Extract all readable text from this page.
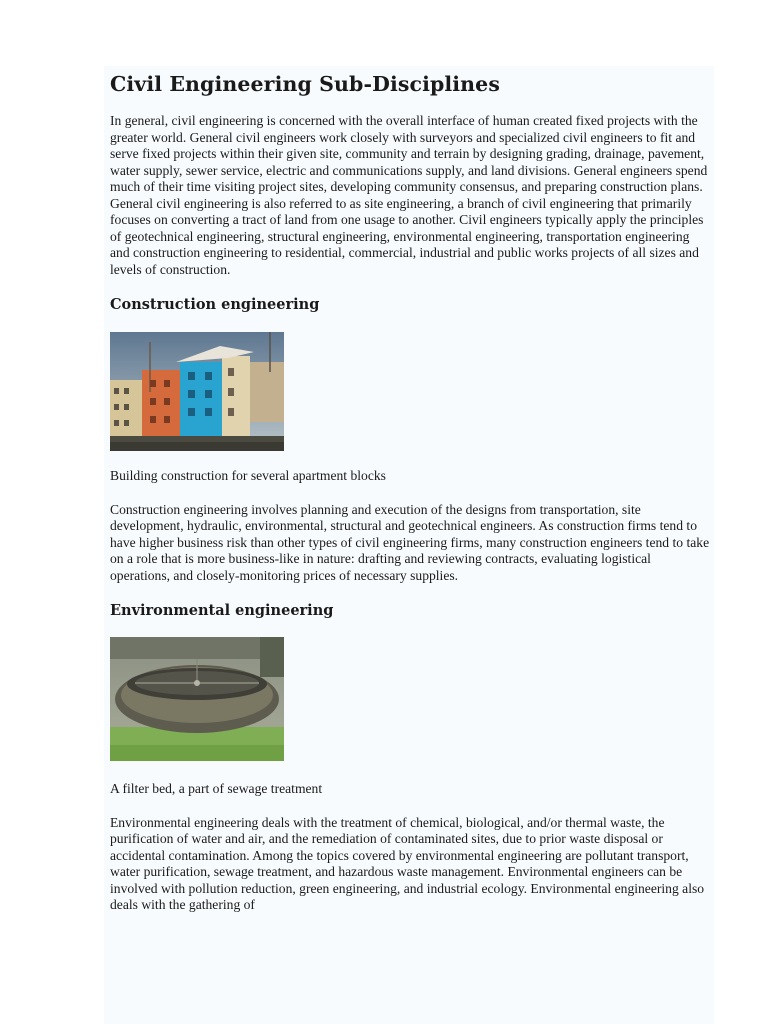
Civil Engineering Sub-Disciplines

In general, civil engineering is concerned with the overall interface of human created fixed projects with the greater world. General civil engineers work closely with surveyors and specialized civil engineers to fit and serve fixed projects within their given site, community and terrain by designing grading, drainage, pavement, water supply, sewer service, electric and communications supply, and land divisions. General engineers spend much of their time visiting project sites, developing community consensus, and preparing construction plans. General civil engineering is also referred to as site engineering, a branch of civil engineering that primarily focuses on converting a tract of land from one usage to another. Civil engineers typically apply the principles of geotechnical engineering, structural engineering, environmental engineering, transportation engineering and construction engineering to residential, commercial, industrial and public works projects of all sizes and levels of construction.

Construction engineering

Building construction for several apartment blocks

Construction engineering involves planning and execution of the designs from transportation, site development, hydraulic, environmental, structural and geotechnical engineers. As construction firms tend to have higher business risk than other types of civil engineering firms, many construction engineers tend to take on a role that is more business-like in nature: drafting and reviewing contracts, evaluating logistical operations, and closely-monitoring prices of necessary supplies.

Environmental engineering

A filter bed, a part of sewage treatment

Environmental engineering deals with the treatment of chemical, biological, and/or thermal waste, the purification of water and air, and the remediation of contaminated sites, due to prior waste disposal or accidental contamination. Among the topics covered by environmental engineering are pollutant transport, water purification, sewage treatment, and hazardous waste management. Environmental engineers can be involved with pollution reduction, green engineering, and industrial ecology. Environmental engineering also deals with the gathering of
